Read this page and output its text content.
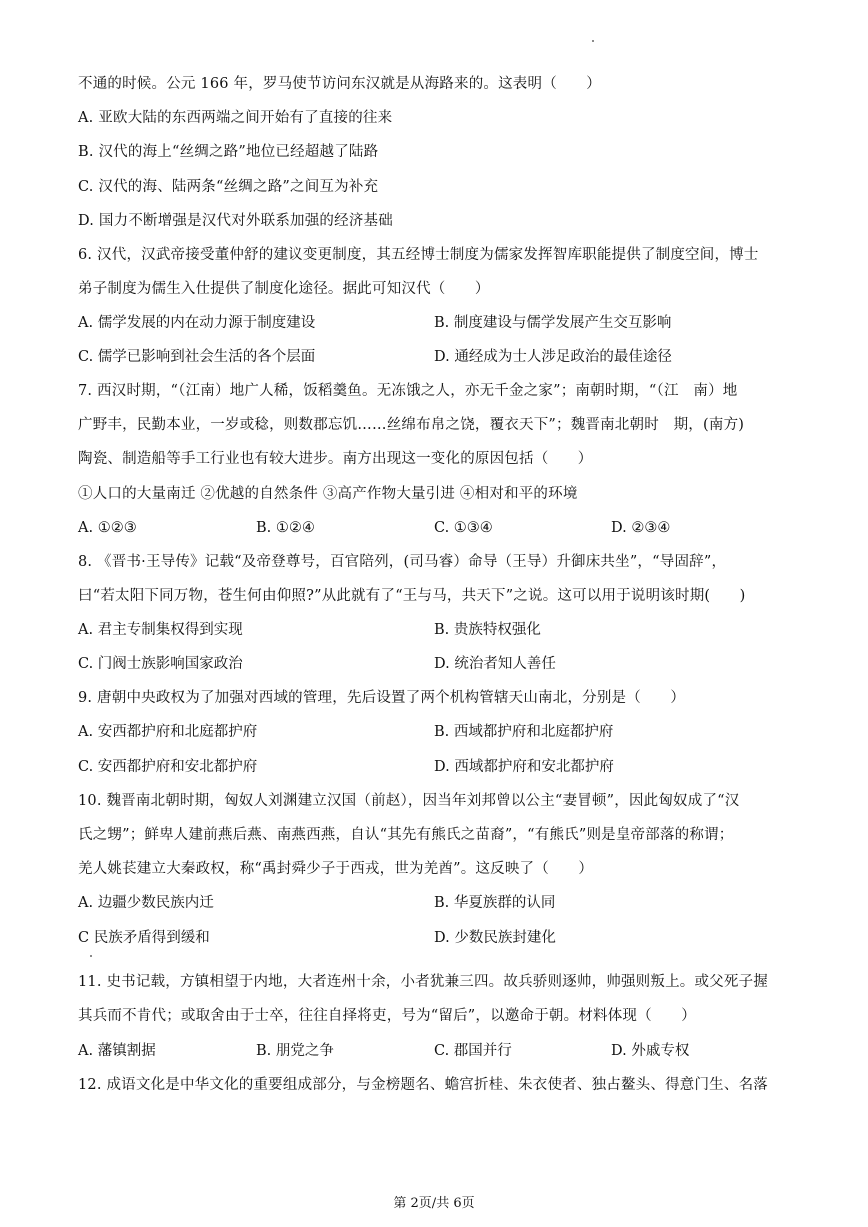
不通的时候。公元 166 年，罗马使节访问东汉就是从海路来的。这表明（　　）
A. 亚欧大陆的东西两端之间开始有了直接的往来
B. 汉代的海上“丝绸之路”地位已经超越了陆路
C. 汉代的海、陆两条“丝绸之路”之间互为补充
D. 国力不断增强是汉代对外联系加强的经济基础
6. 汉代，汉武帝接受董仲舒的建议变更制度，其五经博士制度为儒家发挥智库职能提供了制度空间，博士
弟子制度为儒生入仕提供了制度化途径。据此可知汉代（　　）
A. 儒学发展的内在动力源于制度建设	B. 制度建设与儒学发展产生交互影响
C. 儒学已影响到社会生活的各个层面	D. 通经成为士人涉足政治的最佳途径
7. 西汉时期，“（江南）地广人稀，饭稻羹鱼。无冻饿之人，亦无千金之家”；南朝时期，“（江　南）地
广野丰，民勤本业，一岁或稔，则数郡忘饥……丝绵布帛之饶，覆衣天下”；魏晋南北朝时　期，(南方)
陶瓷、制造船等手工行业也有较大进步。南方出现这一变化的原因包括（　　）
①人口的大量南迁 ②优越的自然条件 ③高产作物大量引进 ④相对和平的环境
A. ①②③	B. ①②④	C. ①③④	D. ②③④
8. 《晋书·王导传》记载“及帝登尊号，百官陪列，(司马睿）命导（王导）升御床共坐”，“导固辞”，
曰“若太阳下同万物，苍生何由仰照?”从此就有了“王与马，共天下”之说。这可以用于说明该时期(　　)
A. 君主专制集权得到实现	B. 贵族特权强化
C. 门阀士族影响国家政治	D. 统治者知人善任
9. 唐朝中央政权为了加强对西域的管理，先后设置了两个机构管辖天山南北，分别是（　　）
A. 安西都护府和北庭都护府	B. 西域都护府和北庭都护府
C. 安西都护府和安北都护府	D. 西域都护府和安北都护府
10. 魏晋南北朝时期，匈奴人刘渊建立汉国（前赵），因当年刘邦曾以公主“妻冒顿”，因此匈奴成了“汉
氏之甥”；鲜卑人建前燕后燕、南燕西燕，自认“其先有熊氏之苗裔”，“有熊氏”则是皇帝部落的称谓；
羌人姚苌建立大秦政权，称“禹封舜少子于西戎，世为羌酋”。这反映了（　　）
A. 边疆少数民族内迁	B. 华夏族群的认同
C 民族矛盾得到缓和	D. 少数民族封建化
11. 史书记载，方镇相望于内地，大者连州十余，小者犹兼三四。故兵骄则逐帅，帅强则叛上。或父死子握
其兵而不肯代；或取舍由于士卒，往往自择将吏，号为“留后”，以邀命于朝。材料体现（　　）
A. 藩镇割据	B. 朋党之争	C. 郡国并行	D. 外戚专权
12. 成语文化是中华文化的重要组成部分，与金榜题名、蟾宫折桂、朱衣使者、独占鳌头、得意门生、名落
第 2页/共 6页
